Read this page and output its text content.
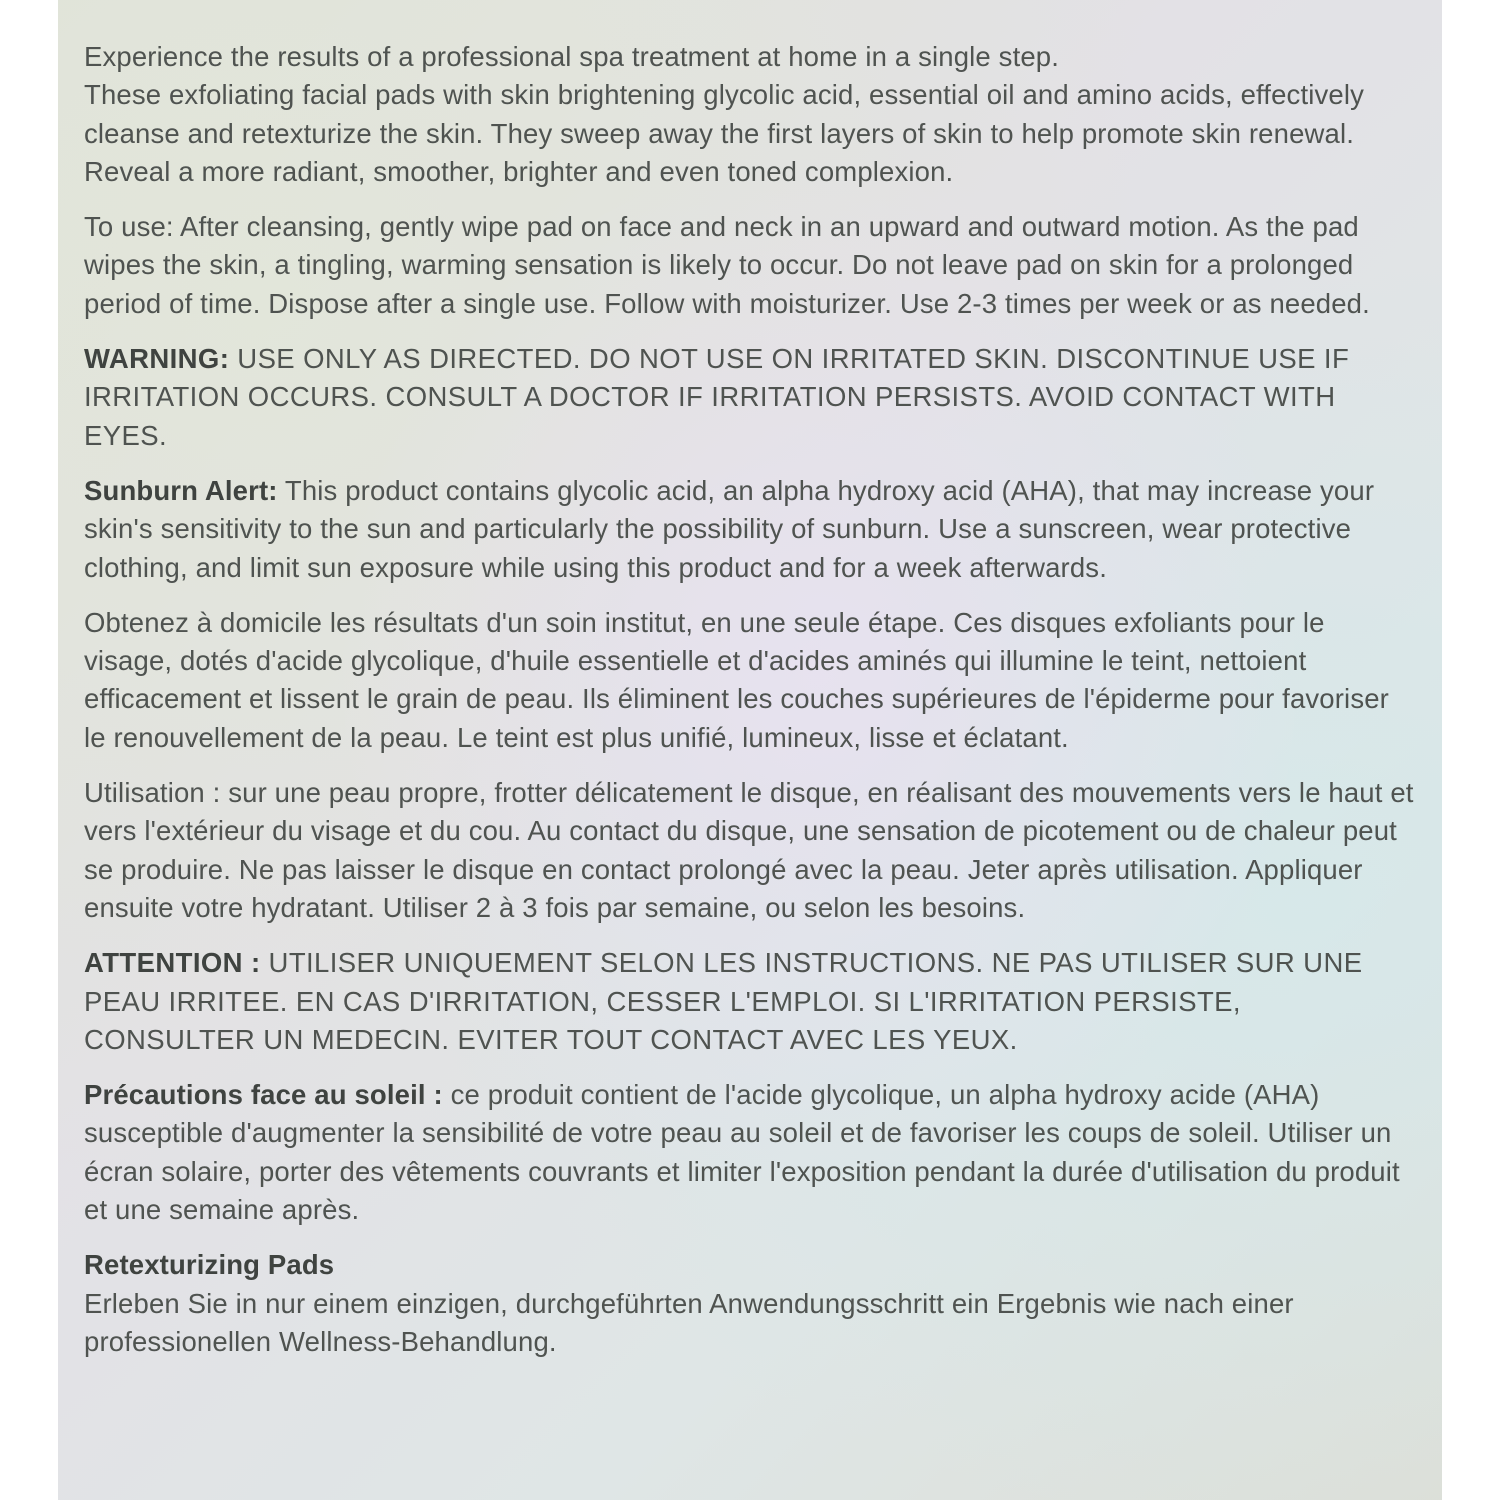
Experience the results of a professional spa treatment at home in a single step.
These exfoliating facial pads with skin brightening glycolic acid, essential oil and amino acids, effectively cleanse and retexturize the skin. They sweep away the first layers of skin to help promote skin renewal. Reveal a more radiant, smoother, brighter and even toned complexion.

To use: After cleansing, gently wipe pad on face and neck in an upward and outward motion. As the pad wipes the skin, a tingling, warming sensation is likely to occur. Do not leave pad on skin for a prolonged period of time. Dispose after a single use. Follow with moisturizer. Use 2-3 times per week or as needed.

WARNING: USE ONLY AS DIRECTED. DO NOT USE ON IRRITATED SKIN. DISCONTINUE USE IF IRRITATION OCCURS. CONSULT A DOCTOR IF IRRITATION PERSISTS. AVOID CONTACT WITH EYES.

Sunburn Alert: This product contains glycolic acid, an alpha hydroxy acid (AHA), that may increase your skin's sensitivity to the sun and particularly the possibility of sunburn. Use a sunscreen, wear protective clothing, and limit sun exposure while using this product and for a week afterwards.

Obtenez à domicile les résultats d'un soin institut, en une seule étape. Ces disques exfoliants pour le visage, dotés d'acide glycolique, d'huile essentielle et d'acides aminés qui illumine le teint, nettoient efficacement et lissent le grain de peau. Ils éliminent les couches supérieures de l'épiderme pour favoriser le renouvellement de la peau. Le teint est plus unifié, lumineux, lisse et éclatant.

Utilisation : sur une peau propre, frotter délicatement le disque, en réalisant des mouvements vers le haut et vers l'extérieur du visage et du cou. Au contact du disque, une sensation de picotement ou de chaleur peut se produire. Ne pas laisser le disque en contact prolongé avec la peau. Jeter après utilisation. Appliquer ensuite votre hydratant. Utiliser 2 à 3 fois par semaine, ou selon les besoins.

ATTENTION : UTILISER UNIQUEMENT SELON LES INSTRUCTIONS. NE PAS UTILISER SUR UNE PEAU IRRITEE. EN CAS D'IRRITATION, CESSER L'EMPLOI. SI L'IRRITATION PERSISTE, CONSULTER UN MEDECIN. EVITER TOUT CONTACT AVEC LES YEUX.

Précautions face au soleil : ce produit contient de l'acide glycolique, un alpha hydroxy acide (AHA) susceptible d'augmenter la sensibilité de votre peau au soleil et de favoriser les coups de soleil. Utiliser un écran solaire, porter des vêtements couvrants et limiter l'exposition pendant la durée d'utilisation du produit et une semaine après.

Retexturizing Pads
Erleben Sie in nur einem einzigen, durchgeführten Anwendungsschritt ein Ergebnis wie nach einer professionellen Wellness-Behandlung.
